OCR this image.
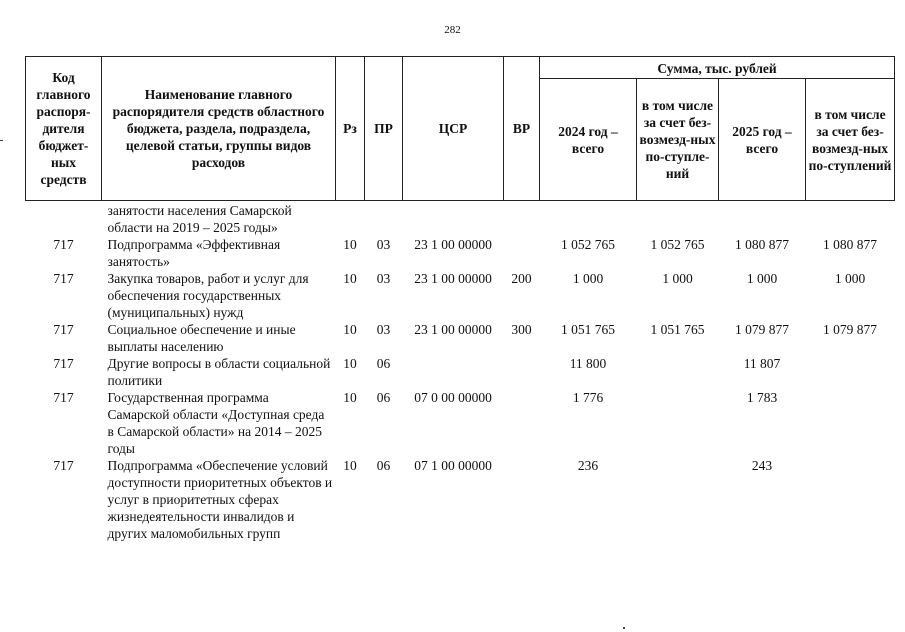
282
Код главного распоря-дителя бюджет-ных средств	Наименование главного распорядителя средств областного бюджета, раздела, подраздела, целевой статьи, группы видов расходов	Рз	ПР	ЦСР	ВР	Сумма, тыс. рублей			
						2024 год – всего	в том числе за счет без-возмезд-ных по-ступле-ний	2025 год – всего	в том числе за счет без-возмезд-ных по-ступлений
	занятости населения Самарской области на 2019 – 2025 годы»								
717	Подпрограмма «Эффективная занятость»	10	03	23 1 00 00000		1 052 765	1 052 765	1 080 877	1 080 877
717	Закупка товаров, работ и услуг для обеспечения государственных (муниципальных) нужд	10	03	23 1 00 00000	200	1 000	1 000	1 000	1 000
717	Социальное обеспечение и иные выплаты населению	10	03	23 1 00 00000	300	1 051 765	1 051 765	1 079 877	1 079 877
717	Другие вопросы в области социальной политики	10	06			11 800		11 807	
717	Государственная программа Самарской области «Доступная среда в Самарской области» на 2014 – 2025 годы	10	06	07 0 00 00000		1 776		1 783	
717	Подпрограмма «Обеспечение условий доступности приоритетных объектов и услуг в приоритетных сферах жизнедеятельности инвалидов и других маломобильных групп	10	06	07 1 00 00000		236		243	
